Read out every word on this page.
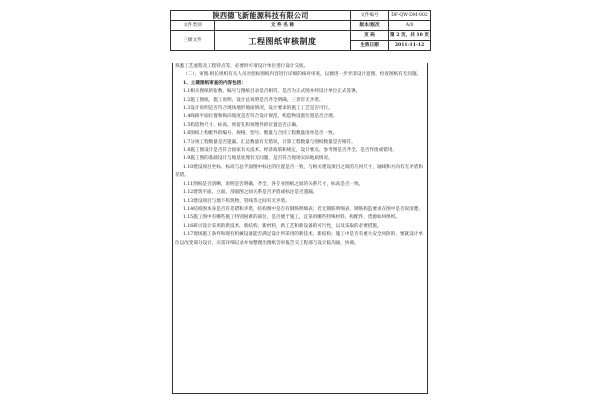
陕西德飞新能源科技有限公司		文件编号	DF-QW-DM-002
		版本/版次	A/0
文件类别	文 件 名 称		
三级文件	工程图纸审核制度	页 码	第 2 页，共 10 页
		生效日期	2011-11-12

熟悉工艺流程及工程特点等，必要时可请设计单位进行设计交底。

（二）、审图:组长组织有关人员对招标图纸内容进行详细的核对审查，以便进一步弄清设计意图，检查图纸有无问题。

1、土建图纸审查的内容包括：

1.1相关图纸的张数、编号与图纸目录是否相符，是否为正式图并经设计单位正式签署。

1.2施工图纸、施工说明、设计总说明是否齐全明确，三者有无矛盾。

1.3设计说明是否符合现场地形地质情况，设计要求的施工工艺是否可行。

1.4线路平面位置和纵向坡度是否符合设计规范，构造物设置位置是否合理。

1.5构造物尺寸、标高、预留孔和预埋件的位置是否正确。

1.6图纸上构配件的编号、规格、型号、数量与合同工程数量清单是否一致。

1.7分项工程数量是否遗漏，汇总数量有无错误，计算工程数量与图纸数量是否相符。

1.8施工图设计是否符合国家有关技术、经济政策和规定，设计要点、参考图是否齐全、是否作废或错用。

1.9施工图的基础设计与地基处理有无问题，是否符合现场实际地质情况。

1.10建设项目坐标、标高与总平面图中标注的位置是否一致，与相关建设项目之间的几何尺寸，轴线和方向有无矛盾和差错。

1.11图纸是否清晰，说明是否明确，齐全，各专业图纸之间的关系尺寸，标高是否一致。

1.12建筑平面、立面、剖面图之间关系是否矛盾或标注是否遗漏。

1.13建设项目与地下构筑物、管线等之间有无矛盾。

1.14结构图本身是否有差错和矛盾，结构图中是否有钢筋明细表；若无钢筋明细表，钢筋构造要求在图中是否说清楚。

1.15施工图中有哪些施工特别困难的部位，是否便于施工，宜采用哪些特殊材料，构配件，货源如何组织。

1.16研讨设计采用的新技术，新结构，新材料，新工艺和新设备的可行性，以及采取的必要措施。

1.17现场施工条件和现有机械设备能否满足设计所采用的新技术，新结构；施工中是否有重大安全风险的，要就设计单位以改变部分设计，应需详细记录并加整理出图纸会审报告交工程部与设计院沟通，协商。
